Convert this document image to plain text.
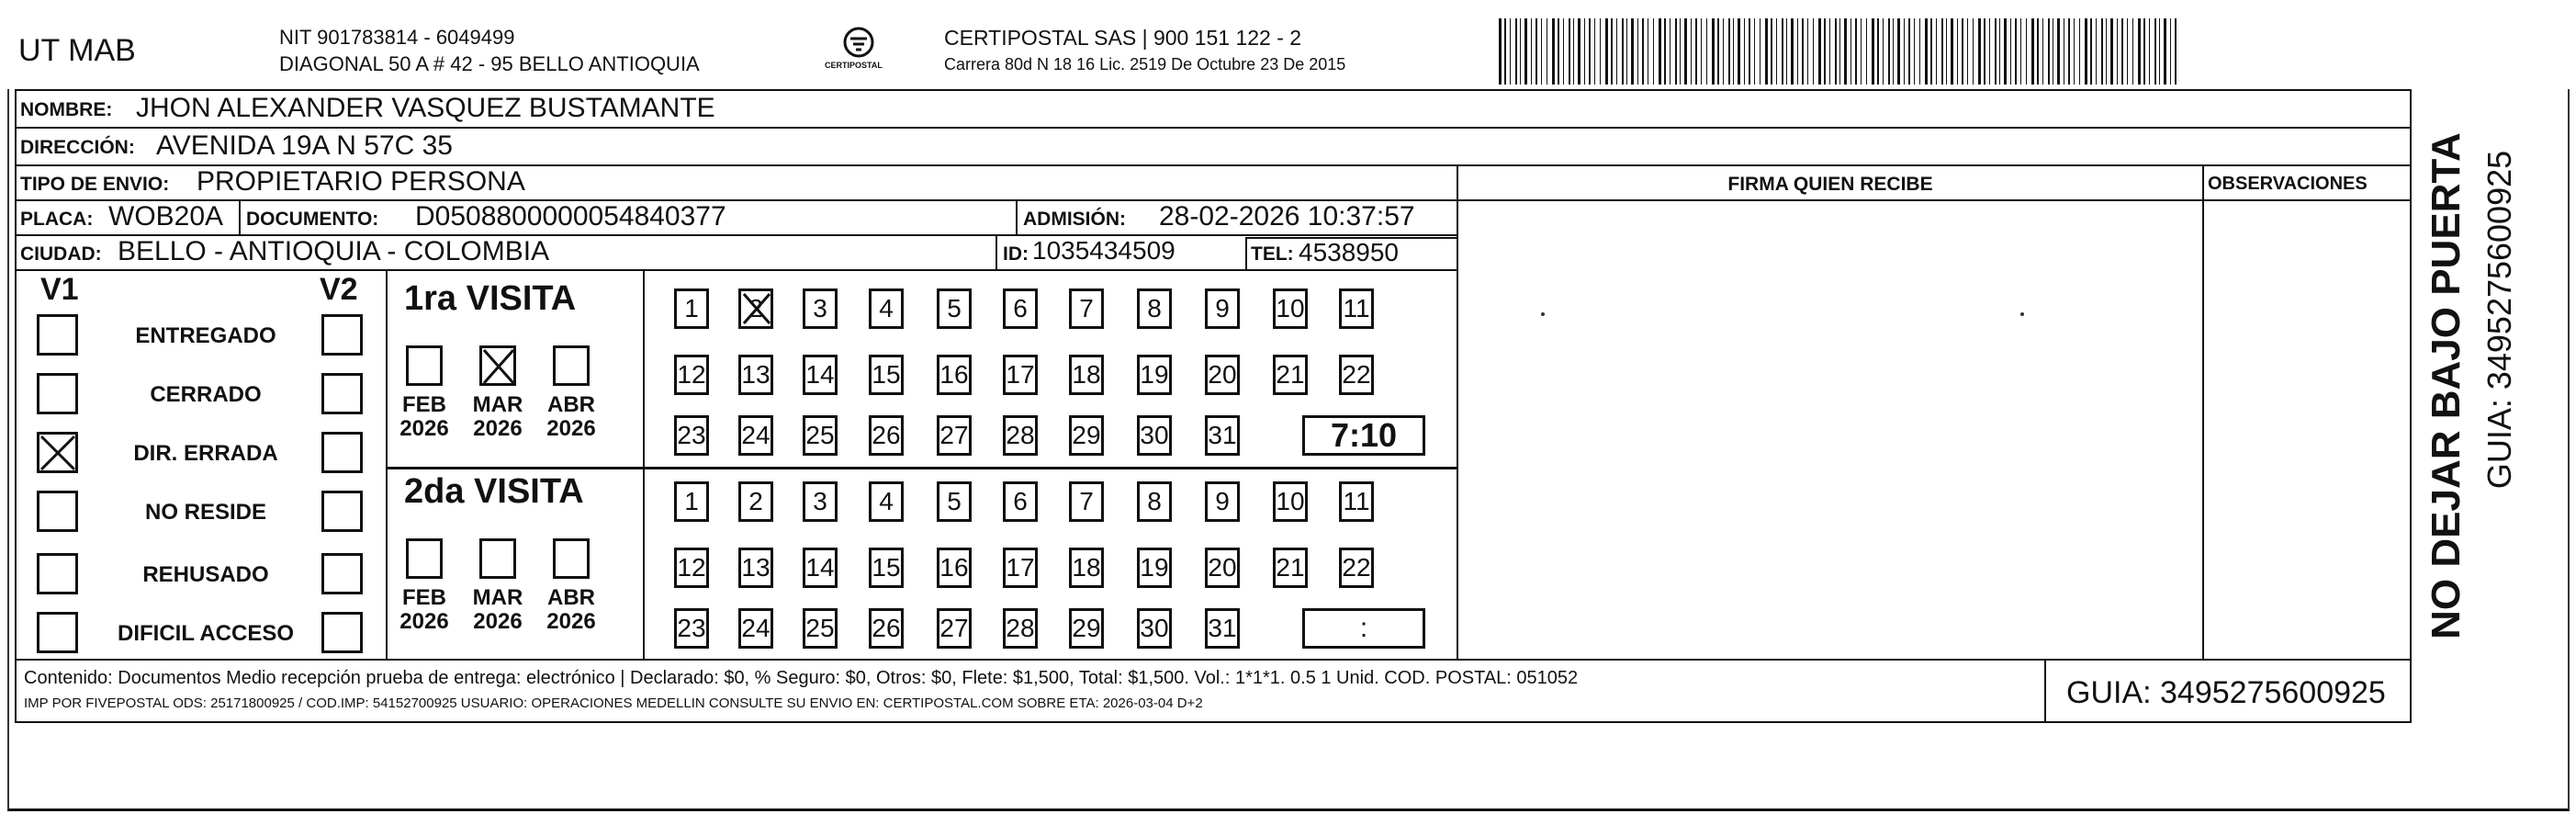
UT MAB	NIT 901783814 - 6049499
DIAGONAL 50 A # 42 - 95 BELLO ANTIOQUIA	CERTIPOSTAL
CERTIPOSTAL SAS | 900 151 122 - 2
Carrera 80d N 18 16 Lic. 2519 De Octubre 23 De 2015
NOMBRE: JHON ALEXANDER VASQUEZ BUSTAMANTE
DIRECCIÓN: AVENIDA 19A N 57C 35
TIPO DE ENVIO: PROPIETARIO PERSONA	FIRMA QUIEN RECIBE	OBSERVACIONES
PLACA: WOB20A DOCUMENTO: D0508800000054840377	ADMISIÓN: 28-02-2026 10:37:57
CIUDAD: BELLO - ANTIOQUIA - COLOMBIA	ID: 1035434509	TEL: 4538950
V1	V2
ENTREGADO
CERRADO
DIR. ERRADA
NO RESIDE
REHUSADO
DIFICIL ACCESO
1ra VISITA
2da VISITA
FEB
2026
MAR
2026
ABR
2026
1	2	3	4	5	6	7	8	9	10 11
12 13 14 15 16 17 18 19 20 21 22
23 24 25 26 27 28 29 30 31	7:10
FEB
2026
MAR
2026
ABR
2026
1	2	3	4	5	6	7	8	9	10 11
12 13 14 15 16 17 18 19 20 21 22
23 24 25 26 27 28 29 30 31	:
Contenido: Documentos Medio recepción prueba de entrega: electrónico | Declarado: $0, % Seguro: $0, Otros: $0, Flete: $1,500, Total: $1,500. Vol.: 1*1*1. 0.5 1 Unid. COD. POSTAL: 051052
IMP POR FIVEPOSTAL ODS: 25171800925 / COD.IMP: 54152700925 USUARIO: OPERACIONES MEDELLIN CONSULTE SU ENVIO EN: CERTIPOSTAL.COM SOBRE ETA: 2026-03-04 D+2	GUIA: 3495275600925
NO DEJAR BAJO PUERTA GUIA: 3495275600925
